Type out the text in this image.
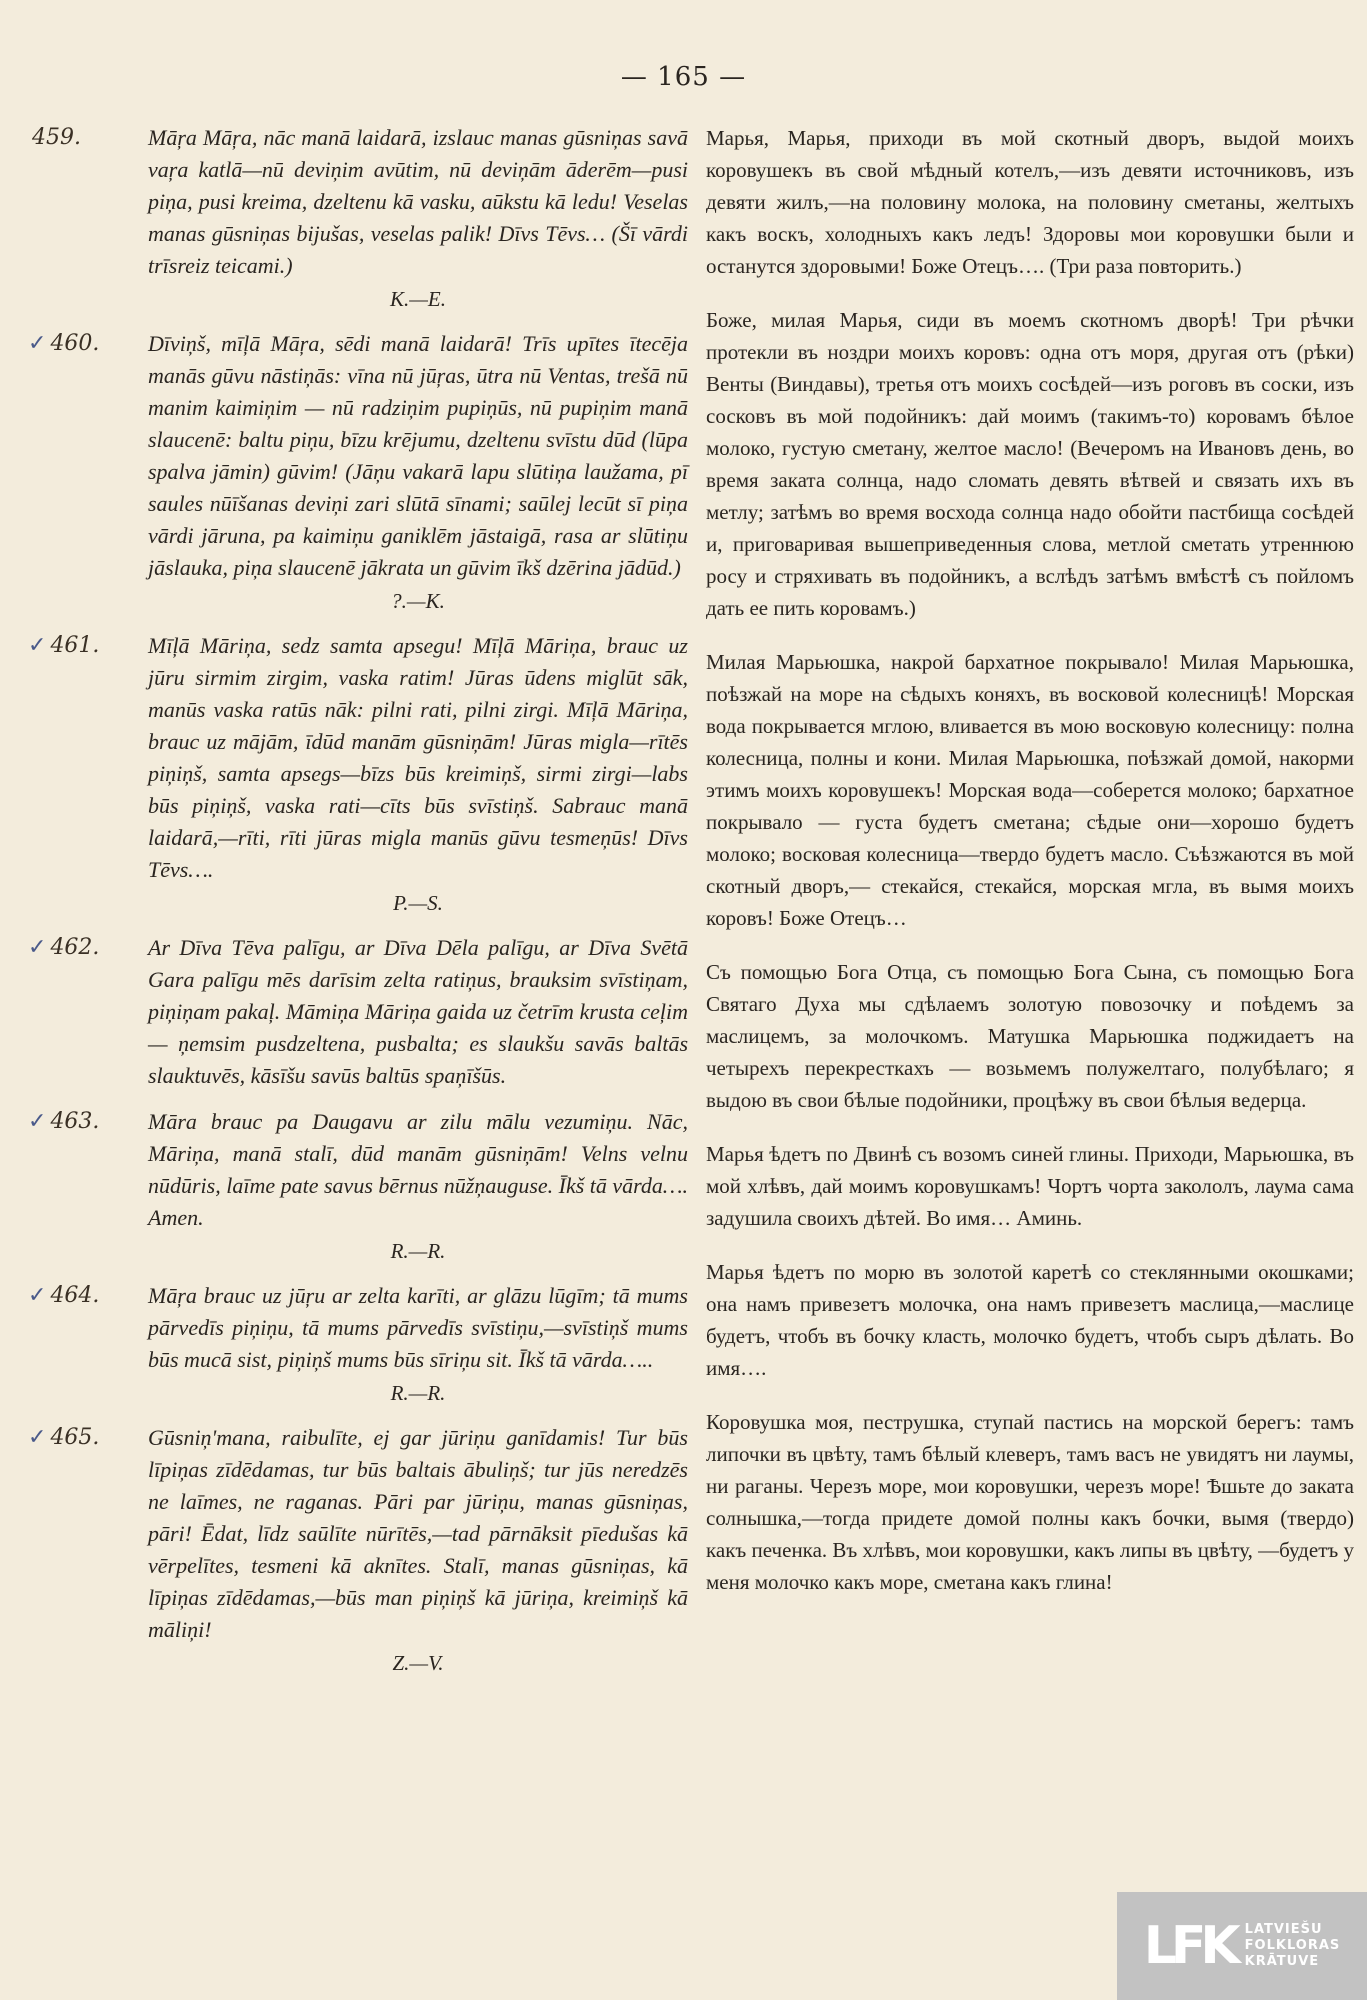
— 165 —
459.	Māŗa Māŗa, nāc manā laidarā, izslauc manas gūsniņas savā vaŗa katlā—nū deviņim avūtim, nū deviņām āderēm—pusi piņa, pusi kreima, dzeltenu kā vasku, aūkstu kā ledu! Veselas manas gūsniņas bijušas, veselas palik! Dīvs Tēvs… (Šī vārdi trīsreiz teicami.)
K.—E.
✓ 460.	Dīviņš, mīļā Māŗa, sēdi manā laidarā! Trīs upītes ītecēja manās gūvu nāstiņās: vīna nū jūŗas, ūtra nū Ventas, trešā nū manim kaimiņim — nū radziņim pupiņūs, nū pupiņim manā slaucenē: baltu piņu, bīzu krējumu, dzeltenu svīstu dūd (lūpa spalva jāmin) gūvim! (Jāņu vakarā lapu slūtiņa laužama, pī saules nūīšanas deviņi zari slūtā sīnami; saūlej lecūt sī piņa vārdi jāruna, pa kaimiņu ganiklēm jāstaigā, rasa ar slūtiņu jāslauka, piņa slaucenē jākrata un gūvim īkš dzērina jādūd.)
?.—K.
✓ 461.	Mīļā Māriņa, sedz samta apsegu! Mīļā Māriņa, brauc uz jūru sirmim zirgim, vaska ratim! Jūras ūdens miglūt sāk, manūs vaska ratūs nāk: pilni rati, pilni zirgi. Mīļā Māriņa, brauc uz mājām, īdūd manām gūsniņām! Jūras migla—rītēs piņiņš, samta apsegs—bīzs būs kreimiņš, sirmi zirgi—labs būs piņiņš, vaska rati—cīts būs svīstiņš. Sabrauc manā laidarā,—rīti, rīti jūras migla manūs gūvu tesmeņūs! Dīvs Tēvs….
P.—S.
✓ 462.	Ar Dīva Tēva palīgu, ar Dīva Dēla palīgu, ar Dīva Svētā Gara palīgu mēs darīsim zelta ratiņus, brauksim svīstiņam, piņiņam pakaļ. Māmiņa Māriņa gaida uz četrīm krusta ceļim — ņemsim pusdzeltena, pusbalta; es slaukšu savās baltās slauktuvēs, kāsīšu savūs baltūs spaņīšūs.
✓ 463.	Māra brauc pa Daugavu ar zilu mālu vezumiņu. Nāc, Māriņa, manā stalī, dūd manām gūsniņām! Velns velnu nūdūris, laīme pate savus bērnus nūžņauguse. Īkš tā vārda…. Amen.
R.—R.
✓ 464.	Māŗa brauc uz jūŗu ar zelta karīti, ar glāzu lūgīm; tā mums pārvedīs piņiņu, tā mums pārvedīs svīstiņu,—svīstiņš mums būs mucā sist, piņiņš mums būs sīriņu sit. Īkš tā vārda…..
R.—R.
✓ 465.	Gūsniņ'mana, raibulīte, ej gar jūriņu ganīdamis! Tur būs līpiņas zīdēdamas, tur būs baltais ābuliņš; tur jūs neredzēs ne laīmes, ne raganas. Pāri par jūriņu, manas gūsniņas, pāri! Ēdat, līdz saūlīte nūrītēs,—tad pārnāksit pīedušas kā vērpelītes, tesmeni kā aknītes. Stalī, manas gūsniņas, kā līpiņas zīdēdamas,—būs man piņiņš kā jūriņa, kreimiņš kā māliņi!
Z.—V.
Марья, Марья, приходи въ мой скотный дворъ, выдой моихъ коровушекъ въ свой мѣдный котелъ,—изъ девяти источниковъ, изъ девяти жилъ,—на половину молока, на половину сметаны, желтыхъ какъ воскъ, холодныхъ какъ ледъ! Здоровы мои коровушки были и останутся здоровыми! Боже Отецъ…. (Три раза повторить.)
Боже, милая Марья, сиди въ моемъ скотномъ дворѣ! Три рѣчки протекли въ ноздри моихъ коровъ: одна отъ моря, другая отъ (рѣки) Венты (Виндавы), третья отъ моихъ сосѣдей—изъ роговъ въ соски, изъ сосковъ въ мой подойникъ: дай моимъ (такимъ-то) коровамъ бѣлое молоко, густую сметану, желтое масло! (Вечеромъ на Ивановъ день, во время заката солнца, надо сломать девять вѣтвей и связать ихъ въ метлу; затѣмъ во время восхода солнца надо обойти пастбища сосѣдей и, приговаривая вышеприведенныя слова, метлой сметать утреннюю росу и стряхивать въ подойникъ, а вслѣдъ затѣмъ вмѣстѣ съ пойломъ дать ее пить коровамъ.)
Милая Марьюшка, накрой бархатное покрывало! Милая Марьюшка, поѣзжай на море на сѣдыхъ коняхъ, въ восковой колесницѣ! Морская вода покрывается мглою, вливается въ мою восковую колесницу: полна колесница, полны и кони. Милая Марьюшка, поѣзжай домой, накорми этимъ моихъ коровушекъ! Морская вода—соберется молоко; бархатное покрывало — густа будетъ сметана; сѣдые они—хорошо будетъ молоко; восковая колесница—твердо будетъ масло. Съѣзжаются въ мой скотный дворъ,— стекайся, стекайся, морская мгла, въ вымя моихъ коровъ! Боже Отецъ…
Съ помощью Бога Отца, съ помощью Бога Сына, съ помощью Бога Святаго Духа мы сдѣлаемъ золотую повозочку и поѣдемъ за маслицемъ, за молочкомъ. Матушка Марьюшка поджидаетъ на четырехъ перекресткахъ — возьмемъ полужелтаго, полубѣлаго; я выдою въ свои бѣлые подойники, процѣжу въ свои бѣлыя ведерца.
Марья ѣдетъ по Двинѣ съ возомъ синей глины. Приходи, Марьюшка, въ мой хлѣвъ, дай моимъ коровушкамъ! Чортъ чорта закололъ, лаума сама задушила своихъ дѣтей. Во имя… Аминь.
Марья ѣдетъ по морю въ золотой каретѣ со стеклянными окошками; она намъ привезетъ молочка, она намъ привезетъ маслица,—маслице будетъ, чтобъ въ бочку класть, молочко будетъ, чтобъ сыръ дѣлать. Во имя….
Коровушка моя, пеструшка, ступай пастись на морской берегъ: тамъ липочки въ цвѣту, тамъ бѣлый клеверъ, тамъ васъ не увидятъ ни лаумы, ни раганы. Черезъ море, мои коровушки, черезъ море! Ѣшьте до заката солнышка,—тогда придете домой полны какъ бочки, вымя (твердо) какъ печенка. Въ хлѣвъ, мои коровушки, какъ липы въ цвѣту, —будетъ у меня молочко какъ море, сметана какъ глина!
LFK LATVIEŠU
FOLKLORAS
KRĀTUVE
